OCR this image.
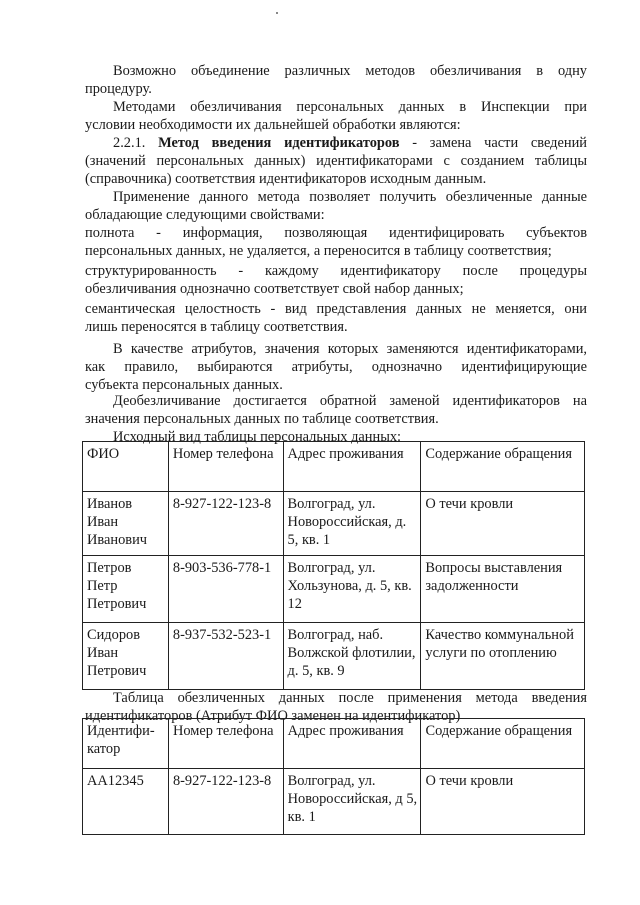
Возможно объединение различных методов обезличивания в одну
процедуру.

Методами обезличивания персональных данных в Инспекции при
условии необходимости их дальнейшей обработки являются:

2.2.1. Метод введения идентификаторов - замена части сведений
(значений персональных данных) идентификаторами с созданием таблицы
(справочника) соответствия идентификаторов исходным данным.

Применение данного метода позволяет получить обезличенные данные
обладающие следующими свойствами:

полнота - информация, позволяющая идентифицировать субъектов
персональных данных, не удаляется, а переносится в таблицу соответствия;

структурированность - каждому идентификатору после процедуры
обезличивания однозначно соответствует свой набор данных;

семантическая целостность - вид представления данных не меняется, они
лишь переносятся в таблицу соответствия.

В качестве атрибутов, значения которых заменяются идентификаторами,
как правило, выбираются атрибуты, однозначно идентифицирующие
субъекта персональных данных.

Деобезличивание достигается обратной заменой идентификаторов на
значения персональных данных по таблице соответствия.

Исходный вид таблицы персональных данных:

ФИО	Номер телефона	Адрес проживания	Содержание обращения
Иванов Иван Иванович	8-927-122-123-8	Волгоград, ул. Новороссийская, д. 5, кв. 1	О течи кровли
Петров Петр Петрович	8-903-536-778-1	Волгоград, ул. Хользунова, д. 5, кв. 12	Вопросы выставления задолженности
Сидоров Иван Петрович	8-937-532-523-1	Волгоград, наб. Волжской флотилии, д. 5, кв. 9	Качество коммунальной услуги по отоплению

Таблица обезличенных данных после применения метода введения
идентификаторов (Атрибут ФИО заменен на идентификатор)

Идентифи-катор	Номер телефона	Адрес проживания	Содержание обращения
АА12345	8-927-122-123-8	Волгоград, ул. Новороссийская, д 5, кв. 1	О течи кровли
